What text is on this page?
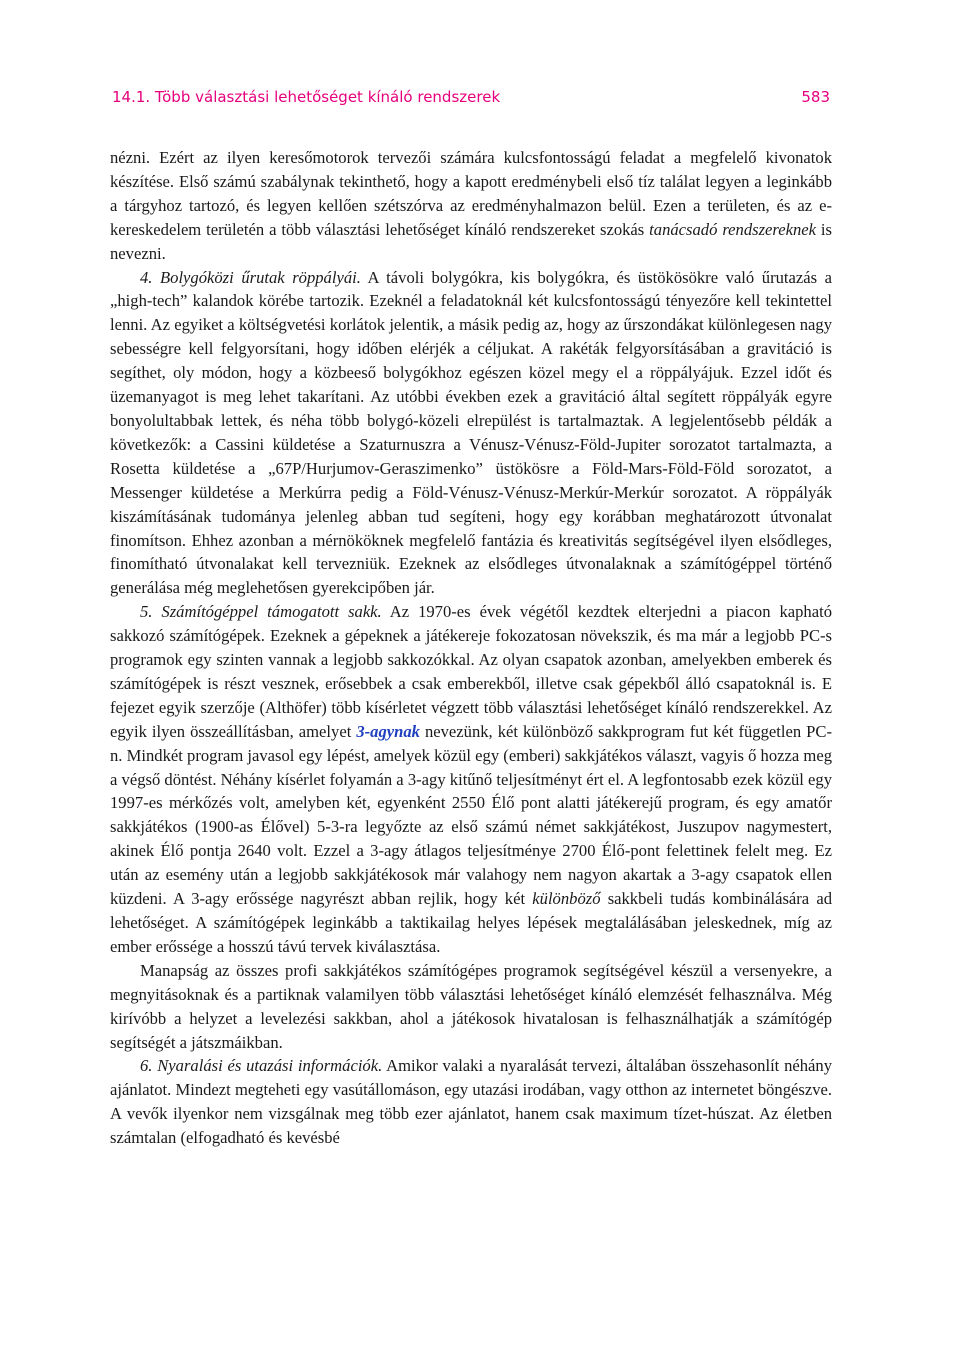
14.1. Több választási lehetőséget kínáló rendszerek	583

nézni. Ezért az ilyen keresőmotorok tervezői számára kulcsfontosságú feladat a megfelelő kivonatok készítése. Első számú szabálynak tekinthető, hogy a kapott eredménybeli első tíz találat legyen a leginkább a tárgyhoz tartozó, és legyen kellően szétszórva az eredményhalmazon belül. Ezen a területen, és az e-kereskedelem területén a több választási lehetőséget kínáló rendszereket szokás tanácsadó rendszereknek is nevezni.

4. Bolygóközi űrutak röppályái. A távoli bolygókra, kis bolygókra, és üstökösökre való űrutazás a „high-tech” kalandok körébe tartozik. Ezeknél a feladatoknál két kulcsfontosságú tényezőre kell tekintettel lenni. Az egyiket a költségvetési korlátok jelentik, a másik pedig az, hogy az űrszondákat különlegesen nagy sebességre kell felgyorsítani, hogy időben elérjék a céljukat. A rakéták felgyorsításában a gravitáció is segíthet, oly módon, hogy a közbeeső bolygókhoz egészen közel megy el a röppályájuk. Ezzel időt és üzemanyagot is meg lehet takarítani. Az utóbbi években ezek a gravitáció által segített röppályák egyre bonyolultabbak lettek, és néha több bolygó-közeli elrepülést is tartalmaztak. A legjelentősebb példák a következők: a Cassini küldetése a Szaturnuszra a Vénusz-Vénusz-Föld-Jupiter sorozatot tartalmazta, a Rosetta küldetése a „67P/Hurjumov-Geraszimenko” üstökösre a Föld-Mars-Föld-Föld sorozatot, a Messenger küldetése a Merkúrra pedig a Föld-Vénusz-Vénusz-Merkúr-Merkúr sorozatot. A röppályák kiszámításának tudománya jelenleg abban tud segíteni, hogy egy korábban meghatározott útvonalat finomítson. Ehhez azonban a mérnököknek megfelelő fantázia és kreativitás segítségével ilyen elsődleges, finomítható útvonalakat kell tervezniük. Ezeknek az elsődleges útvonalaknak a számítógéppel történő generálása még meglehetősen gyerekcipőben jár.

5. Számítógéppel támogatott sakk. Az 1970-es évek végétől kezdtek elterjedni a piacon kapható sakkozó számítógépek. Ezeknek a gépeknek a játékereje fokozatosan növekszik, és ma már a legjobb PC-s programok egy szinten vannak a legjobb sakkozókkal. Az olyan csapatok azonban, amelyekben emberek és számítógépek is részt vesznek, erősebbek a csak emberekből, illetve csak gépekből álló csapatoknál is. E fejezet egyik szerzője (Althöfer) több kísérletet végzett több választási lehetőséget kínáló rendszerekkel. Az egyik ilyen összeállításban, amelyet 3-agynak nevezünk, két különböző sakkprogram fut két független PC-n. Mindkét program javasol egy lépést, amelyek közül egy (emberi) sakkjátékos választ, vagyis ő hozza meg a végső döntést. Néhány kísérlet folyamán a 3-agy kitűnő teljesítményt ért el. A legfontosabb ezek közül egy 1997-es mérkőzés volt, amelyben két, egyenként 2550 Élő pont alatti játékerejű program, és egy amatőr sakkjátékos (1900-as Élővel) 5-3-ra legyőzte az első számú német sakkjátékost, Juszupov nagymestert, akinek Élő pontja 2640 volt. Ezzel a 3-agy átlagos teljesítménye 2700 Élő-pont felettinek felelt meg. Ez után az esemény után a legjobb sakkjátékosok már valahogy nem nagyon akartak a 3-agy csapatok ellen küzdeni. A 3-agy erőssége nagyrészt abban rejlik, hogy két különböző sakkbeli tudás kombinálására ad lehetőséget. A számítógépek leginkább a taktikailag helyes lépések megtalálásában jeleskednek, míg az ember erőssége a hosszú távú tervek kiválasztása.

Manapság az összes profi sakkjátékos számítógépes programok segítségével készül a versenyekre, a megnyitásoknak és a partiknak valamilyen több választási lehetőséget kínáló elemzését felhasználva. Még kirívóbb a helyzet a levelezési sakkban, ahol a játékosok hivatalosan is felhasználhatják a számítógép segítségét a játszmáikban.

6. Nyaralási és utazási információk. Amikor valaki a nyaralását tervezi, általában összehasonlít néhány ajánlatot. Mindezt megteheti egy vasútállomáson, egy utazási irodában, vagy otthon az internetet böngészve. A vevők ilyenkor nem vizsgálnak meg több ezer ajánlatot, hanem csak maximum tízet-húszat. Az életben számtalan (elfogadható és kevésbé
